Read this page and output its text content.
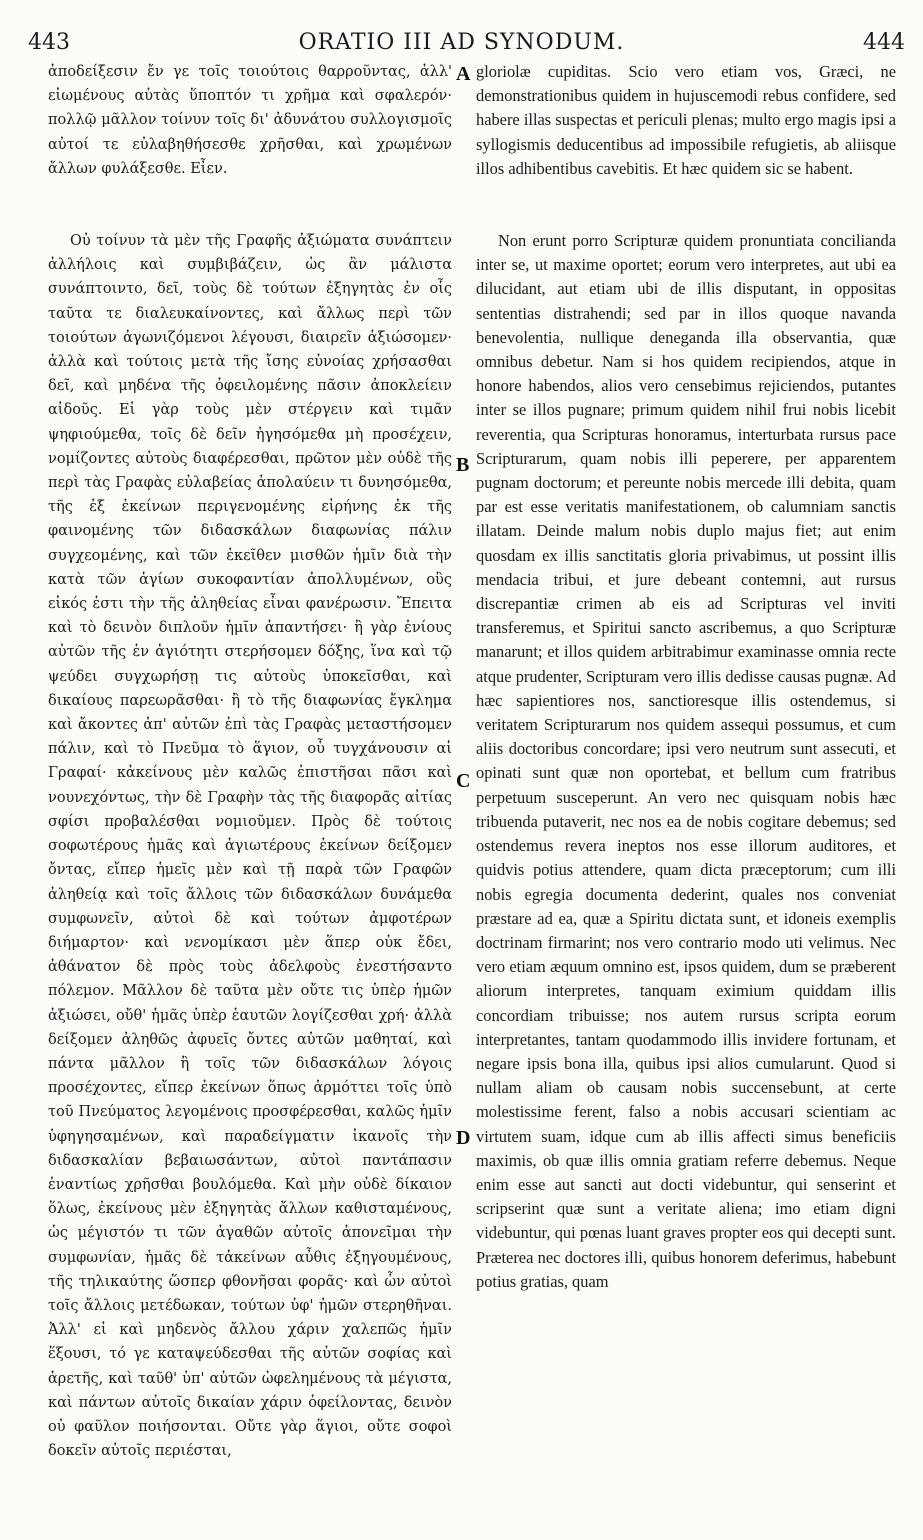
443	ORATIO III AD SYNODUM.	444

ἀποδείξεσιν ἔν γε τοῖς τοιούτοις θαρροῦντας, ἀλλ' εἰωμένους αὐτὰς ὕποπτόν τι χρῆμα καὶ σφαλερόν· πολλῷ μᾶλλον τοίνυν τοῖς δι' ἀδυνάτου συλλογισμοῖς αὐτοί τε εὐλαβηθήσεσθε χρῆσθαι, καὶ χρωμένων ἄλλων φυλάξεσθε. Εἶεν.

Οὐ τοίνυν τὰ μὲν τῆς Γραφῆς ἀξιώματα συνάπτειν ἀλλήλοις καὶ συμβιβάζειν, ὡς ἂν μάλιστα συνάπτοιντο, δεῖ, τοὺς δὲ τούτων ἐξηγητὰς ἐν οἷς ταῦτα τε διαλευκαίνοντες, καὶ ἄλλως περὶ τῶν τοιούτων ἀγωνιζόμενοι λέγουσι, διαιρεῖν ἀξιώσομεν· ἀλλὰ καὶ τούτοις μετὰ τῆς ἴσης εὐνοίας χρήσασθαι δεῖ, καὶ μηδένα τῆς ὀφειλομένης πᾶσιν ἀποκλείειν αἰδοῦς. Εἰ γὰρ τοὺς μὲν στέργειν καὶ τιμᾶν ψηφιούμεθα, τοῖς δὲ δεῖν ἡγησόμεθα μὴ προσέχειν, νομίζοντες αὐτοὺς διαφέρεσθαι, πρῶτον μὲν οὐδὲ τῆς περὶ τὰς Γραφὰς εὐλαβείας ἀπολαύειν τι δυνησόμεθα, τῆς ἐξ ἐκείνων περιγενομένης εἰρήνης ἐκ τῆς φαινομένης τῶν διδασκάλων διαφωνίας πάλιν συγχεομένης, καὶ τῶν ἐκεῖθεν μισθῶν ἡμῖν διὰ τὴν κατὰ τῶν ἁγίων συκοφαντίαν ἀπολλυμένων, οὓς εἰκός ἐστι τὴν τῆς ἀληθείας εἶναι φανέρωσιν. Ἔπειτα καὶ τὸ δεινὸν διπλοῦν ἡμῖν ἀπαντήσει· ἢ γὰρ ἐνίους αὐτῶν τῆς ἐν ἁγιότητι στερήσομεν δόξης, ἵνα καὶ τῷ ψεύδει συγχωρήσῃ τις αὐτοὺς ὑποκεῖσθαι, καὶ δικαίους παρεωρᾶσθαι· ἢ τὸ τῆς διαφωνίας ἔγκλημα καὶ ἄκοντες ἀπ' αὐτῶν ἐπὶ τὰς Γραφὰς μεταστήσομεν πάλιν, καὶ τὸ Πνεῦμα τὸ ἅγιον, οὗ τυγχάνουσιν αἱ Γραφαί· κἀκείνους μὲν καλῶς ἐπιστῆσαι πᾶσι καὶ νουνεχόντως, τὴν δὲ Γραφὴν τὰς τῆς διαφορᾶς αἰτίας σφίσι προβαλέσθαι νομιοῦμεν. Πρὸς δὲ τούτοις σοφωτέρους ἡμᾶς καὶ ἁγιωτέρους ἐκείνων δείξομεν ὄντας, εἴπερ ἡμεῖς μὲν καὶ τῇ παρὰ τῶν Γραφῶν ἀληθείᾳ καὶ τοῖς ἄλλοις τῶν διδασκάλων δυνάμεθα συμφωνεῖν, αὐτοὶ δὲ καὶ τούτων ἀμφοτέρων διήμαρτον· καὶ νενομίκασι μὲν ἅπερ οὐκ ἔδει, ἀθάνατον δὲ πρὸς τοὺς ἀδελφοὺς ἐνεστήσαντο πόλεμον. Μᾶλλον δὲ ταῦτα μὲν οὔτε τις ὑπὲρ ἡμῶν ἀξιώσει, οὔθ' ἡμᾶς ὑπὲρ ἑαυτῶν λογίζεσθαι χρή· ἀλλὰ δείξομεν ἀληθῶς ἀφυεῖς ὄντες αὐτῶν μαθηταί, καὶ πάντα μᾶλλον ἢ τοῖς τῶν διδασκάλων λόγοις προσέχοντες, εἴπερ ἐκείνων ὅπως ἁρμόττει τοῖς ὑπὸ τοῦ Πνεύματος λεγομένοις προσφέρεσθαι, καλῶς ἡμῖν ὑφηγησαμένων, καὶ παραδείγματιν ἱκανοῖς τὴν διδασκαλίαν βεβαιωσάντων, αὐτοὶ παντάπασιν ἐναντίως χρῆσθαι βουλόμεθα. Καὶ μὴν οὐδὲ δίκαιον ὅλως, ἐκείνους μὲν ἐξηγητὰς ἄλλων καθισταμένους, ὡς μέγιστόν τι τῶν ἀγαθῶν αὐτοῖς ἀπονεῖμαι τὴν συμφωνίαν, ἡμᾶς δὲ τἀκείνων αὖθις ἐξηγουμένους, τῆς τηλικαύτης ὥσπερ φθονῆσαι φορᾶς· καὶ ὧν αὐτοὶ τοῖς ἄλλοις μετέδωκαν, τούτων ὑφ' ἡμῶν στερηθῆναι. Ἀλλ' εἰ καὶ μηδενὸς ἄλλου χάριν χαλεπῶς ἡμῖν ἕξουσι, τό γε καταψεύδεσθαι τῆς αὐτῶν σοφίας καὶ ἀρετῆς, καὶ ταῦθ' ὑπ' αὐτῶν ὠφελημένους τὰ μέγιστα, καὶ πάντων αὐτοῖς δικαίαν χάριν ὀφείλοντας, δεινὸν οὐ φαῦλον ποιήσονται. Οὔτε γὰρ ἅγιοι, οὔτε σοφοὶ δοκεῖν αὐτοῖς περιέσται,

gloriolæ cupiditas. Scio vero etiam vos, Græci, ne demonstrationibus quidem in hujuscemodi rebus confidere, sed habere illas suspectas et periculi plenas; multo ergo magis ipsi a syllogismis deducentibus ad impossibile refugietis, ab aliisque illos adhibentibus cavebitis. Et hæc quidem sic se habent.

Non erunt porro Scripturæ quidem pronuntiata concilianda inter se, ut maxime oportet; eorum vero interpretes, aut ubi ea dilucidant, aut etiam ubi de illis disputant, in oppositas sententias distrahendi; sed par in illos quoque navanda benevolentia, nullique deneganda illa observantia, quæ omnibus debetur. Nam si hos quidem recipiendos, atque in honore habendos, alios vero censebimus rejiciendos, putantes inter se illos pugnare; primum quidem nihil frui nobis licebit reverentia, qua Scripturas honoramus, interturbata rursus pace Scripturarum, quam nobis illi pepererе, per apparentem pugnam doctorum; et pereunte nobis mercede illi debita, quam par est esse veritatis manifestationem, ob calumniam sanctis illatam. Deinde malum nobis duplo majus fiet; aut enim quosdam ex illis sanctitatis gloria privabimus, ut possint illis mendacia tribui, et jure debeant contemni, aut rursus discrepantiæ crimen ab eis ad Scripturas vel inviti transferemus, et Spiritui sancto ascribemus, a quo Scripturæ manarunt; et illos quidem arbitrabimur examinasse omnia recte atque prudenter, Scripturam vero illis dedisse causas pugnæ. Ad hæc sapientiores nos, sanctioresque illis ostendemus, si veritatem Scripturarum nos quidem assequi possumus, et cum aliis doctoribus concordare; ipsi vero neutrum sunt assecuti, et opinati sunt quæ non oportebat, et bellum cum fratribus perpetuum susceperunt. An vero nec quisquam nobis hæc tribuenda putaverit, nec nos ea de nobis cogitare debemus; sed ostendemus revera ineptos nos esse illorum auditores, et quidvis potius attendere, quam dicta præceptorum; cum illi nobis egregia documenta dederint, quales nos conveniat præstare ad ea, quæ a Spiritu dictata sunt, et idoneis exemplis doctrinam firmarint; nos vero contrario modo uti velimus. Nec vero etiam æquum omnino est, ipsos quidem, dum se præberent aliorum interpretes, tanquam eximium quiddam illis concordiam tribuisse; nos autem rursus scripta eorum interpretantes, tantam quodammodo illis invidere fortunam, et negare ipsis bona illa, quibus ipsi alios cumularunt. Quod si nullam aliam ob causam nobis succensebunt, at certe molestissime ferent, falso a nobis accusari scientiam ac virtutem suam, idque cum ab illis affecti simus beneficiis maximis, ob quæ illis omnia gratiam referre debemus. Neque enim esse aut sancti aut docti videbuntur, qui senserint et scripserint quæ sunt a veritate aliena; imo etiam digni videbuntur, qui pœnas luant graves propter eos qui decepti sunt. Præterea nec doctores illi, quibus honorem deferimus, habebunt potius gratias, quam

A
B
C
D
